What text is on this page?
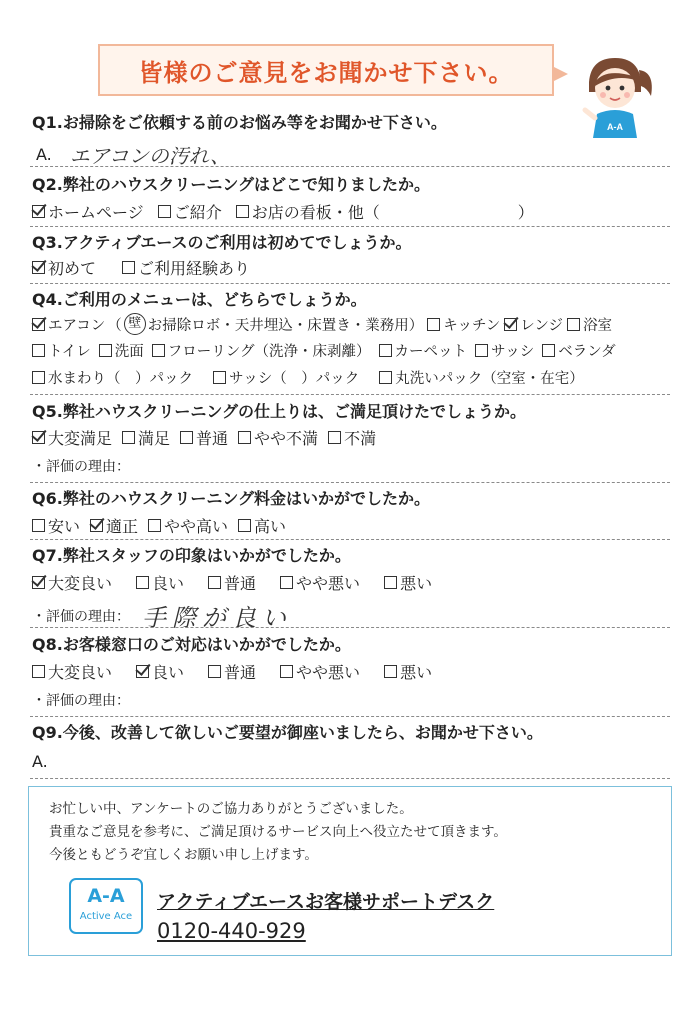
皆様のご意見をお聞かせ下さい。
A-A
Q1.お掃除をご依頼する前のお悩み等をお聞かせ下さい。
A. エアコンの汚れ、
Q2.弊社のハウスクリーニングはどこで知りましたか。
ホームページ ご紹介 お店の看板・他（	）
Q3.アクティブエースのご利用は初めてでしょうか。
初めて	ご利用経験あり
Q4.ご利用のメニューは、どちらでしょうか。
エアコン （ 壁 お掃除ロボ・天井埋込・床置き・業務用） キッチン レンジ 浴室
トイレ 洗面 フローリング（洗浄・床剥離） カーペット サッシ ベランダ
水まわり（　）パック サッシ（　）パック 丸洗いパック（空室・在宅）
Q5.弊社ハウスクリーニングの仕上りは、ご満足頂けたでしょうか。
大変満足 満足 普通 やや不満 不満
・評価の理由：
Q6.弊社のハウスクリーニング料金はいかがでしたか。
安い 適正 やや高い 高い
Q7.弊社スタッフの印象はいかがでしたか。
大変良い	良い	普通	やや悪い	悪い
・評価の理由： 手際が良い
Q8.お客様窓口のご対応はいかがでしたか。
大変良い	良い	普通	やや悪い	悪い
・評価の理由：
Q9.今後、改善して欲しいご要望が御座いましたら、お聞かせ下さい。
A.
お忙しい中、アンケートのご協力ありがとうございました。
貴重なご意見を参考に、ご満足頂けるサービス向上へ役立たせて頂きます。
今後ともどうぞ宜しくお願い申し上げます。
A-A
Active Ace
アクティブエースお客様サポートデスク
0120-440-929
